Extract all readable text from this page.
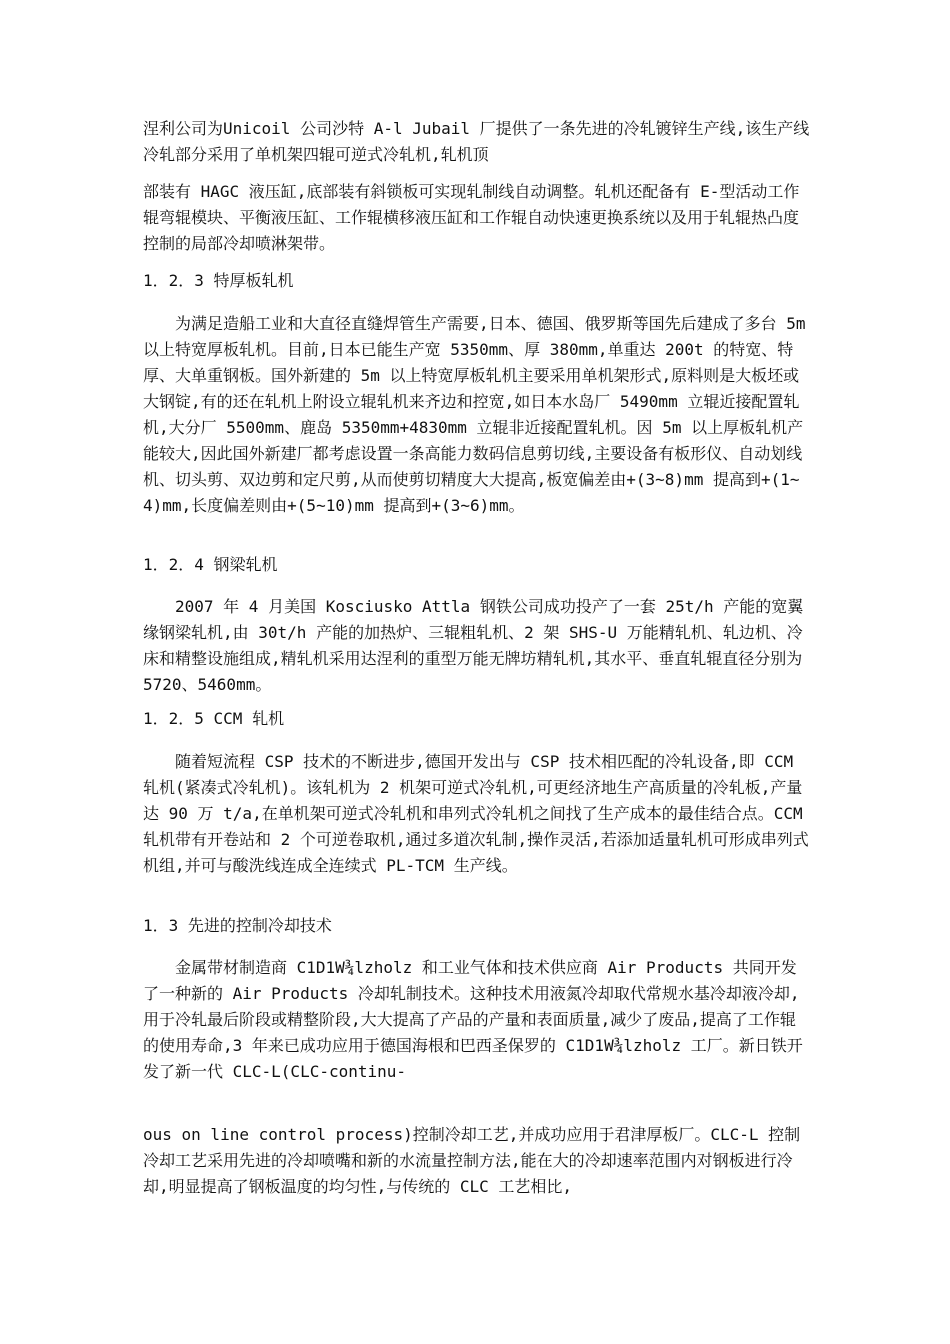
涅利公司为Unicoil 公司沙特 A-l Jubail 厂提供了一条先进的冷轧镀锌生产线,该生产线冷轧部分采用了单机架四辊可逆式冷轧机,轧机顶

部装有 HAGC 液压缸,底部装有斜锁板可实现轧制线自动调整。轧机还配备有 E-型活动工作辊弯辊模块、平衡液压缸、工作辊横移液压缸和工作辊自动快速更换系统以及用于轧辊热凸度控制的局部冷却喷淋架带。

1．2．3 特厚板轧机

为满足造船工业和大直径直缝焊管生产需要,日本、德国、俄罗斯等国先后建成了多台 5m 以上特宽厚板轧机。目前,日本已能生产宽 5350mm、厚 380mm,单重达 200t 的特宽、特厚、大单重钢板。国外新建的 5m 以上特宽厚板轧机主要采用单机架形式,原料则是大板坯或大钢锭,有的还在轧机上附设立辊轧机来齐边和控宽,如日本水岛厂 5490mm 立辊近接配置轧机,大分厂 5500mm、鹿岛 5350mm+4830mm 立辊非近接配置轧机。因 5m 以上厚板轧机产能较大,因此国外新建厂都考虑设置一条高能力数码信息剪切线,主要设备有板形仪、自动划线机、切头剪、双边剪和定尺剪,从而使剪切精度大大提高,板宽偏差由+(3~8)mm 提高到+(1~4)mm,长度偏差则由+(5~10)mm 提高到+(3~6)mm。

1．2．4 钢梁轧机

2007 年 4 月美国 Kosciusko Attla 钢铁公司成功投产了一套 25t/h 产能的宽翼缘钢梁轧机,由 30t/h 产能的加热炉、三辊粗轧机、2 架 SHS-U 万能精轧机、轧边机、冷床和精整设施组成,精轧机采用达涅利的重型万能无牌坊精轧机,其水平、垂直轧辊直径分别为 5720、5460mm。

1．2．5 CCM 轧机

随着短流程 CSP 技术的不断进步,德国开发出与 CSP 技术相匹配的冷轧设备,即 CCM 轧机(紧凑式冷轧机)。该轧机为 2 机架可逆式冷轧机,可更经济地生产高质量的冷轧板,产量达 90 万 t/a,在单机架可逆式冷轧机和串列式冷轧机之间找了生产成本的最佳结合点。CCM 轧机带有开卷站和 2 个可逆卷取机,通过多道次轧制,操作灵活,若添加适量轧机可形成串列式机组,并可与酸洗线连成全连续式 PL-TCM 生产线。

1．3 先进的控制冷却技术

金属带材制造商 C1D1W¾lzholz 和工业气体和技术供应商 Air Products 共同开发了一种新的 Air Products 冷却轧制技术。这种技术用液氮冷却取代常规水基冷却液冷却,用于冷轧最后阶段或精整阶段,大大提高了产品的产量和表面质量,减少了废品,提高了工作辊的使用寿命,3 年来已成功应用于德国海根和巴西圣保罗的 C1D1W¾lzholz 工厂。新日铁开发了新一代 CLC-L(CLC-continu-

ous on line control process)控制冷却工艺,并成功应用于君津厚板厂。CLC-L 控制冷却工艺采用先进的冷却喷嘴和新的水流量控制方法,能在大的冷却速率范围内对钢板进行冷却,明显提高了钢板温度的均匀性,与传统的 CLC 工艺相比,
